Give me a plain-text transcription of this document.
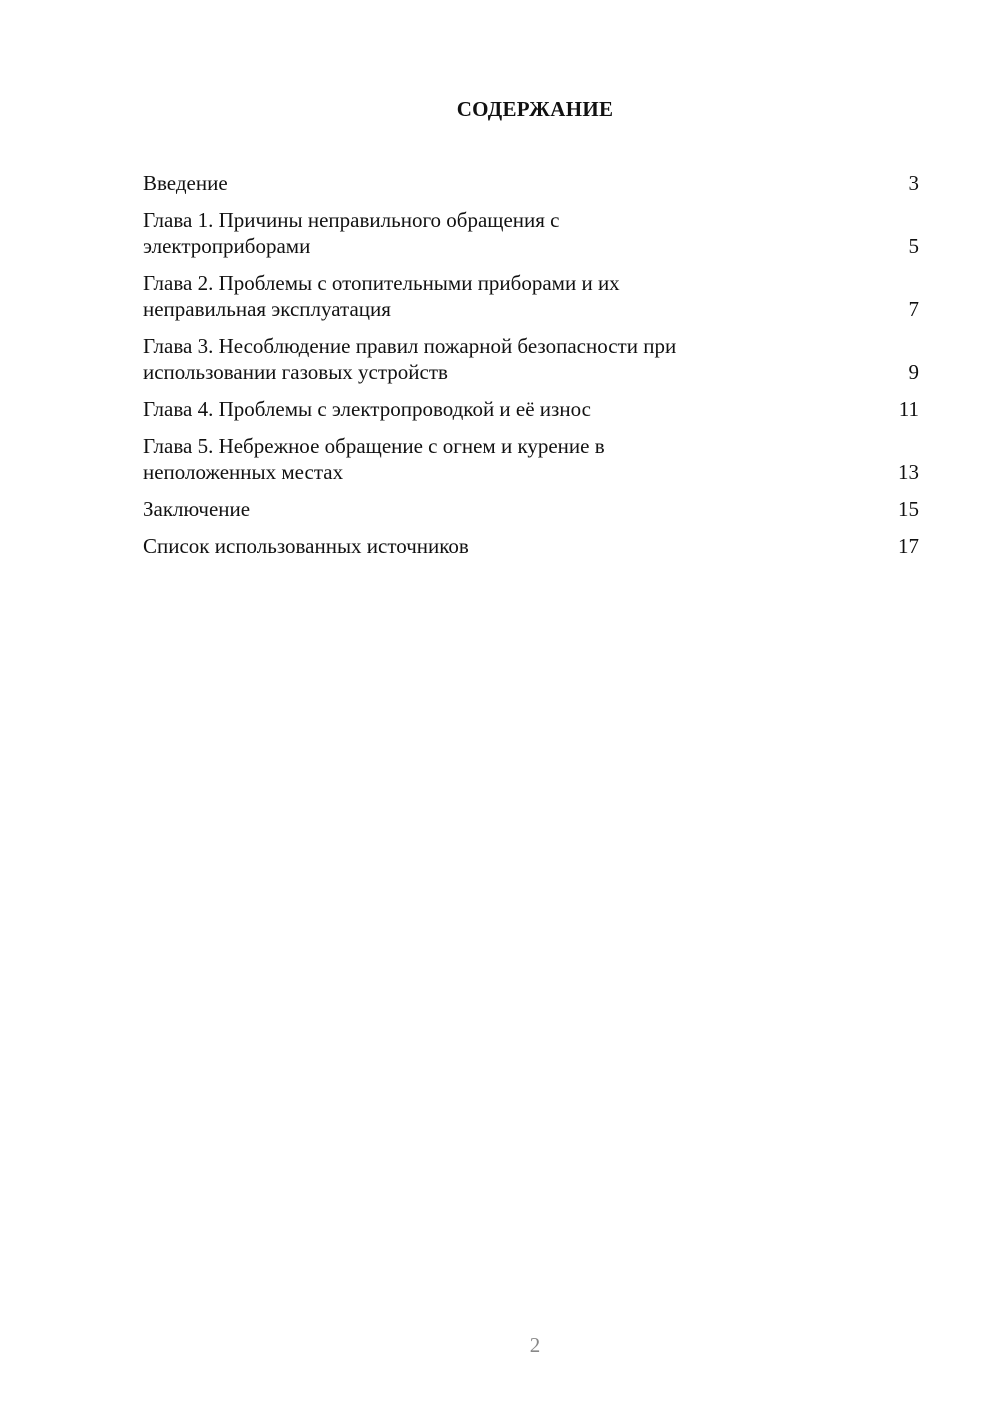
СОДЕРЖАНИЕ
Введение	3
Глава 1. Причины неправильного обращения с
электроприборами	5
Глава 2. Проблемы с отопительными приборами и их
неправильная эксплуатация	7
Глава 3. Несоблюдение правил пожарной безопасности при
использовании газовых устройств	9
Глава 4. Проблемы с электропроводкой и её износ	11
Глава 5. Небрежное обращение с огнем и курение в
неположенных местах	13
Заключение	15
Список использованных источников	17
2
